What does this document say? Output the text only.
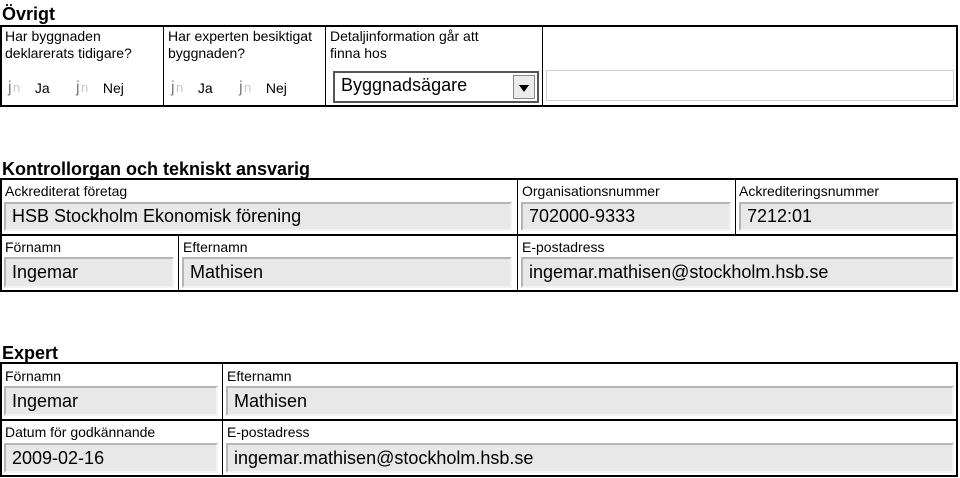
Övrigt
Har byggnaden deklarerats tidigare?
Har experten besiktigat byggnaden?
Detaljinformation går att finna hos
j n Ja j n Nej	j n Ja j n Nej	Byggnadsägare
Kontrollorgan och tekniskt ansvarig
Ackrediterat företag
HSB Stockholm Ekonomisk förening
Organisationsnummer
702000-9333
Ackrediteringsnummer
7212:01
Förnamn
Ingemar
Efternamn
Mathisen
E-postadress
ingemar.mathisen@stockholm.hsb.se
Expert
Förnamn
Ingemar
Efternamn
Mathisen
Datum för godkännande
2009-02-16
E-postadress
ingemar.mathisen@stockholm.hsb.se
